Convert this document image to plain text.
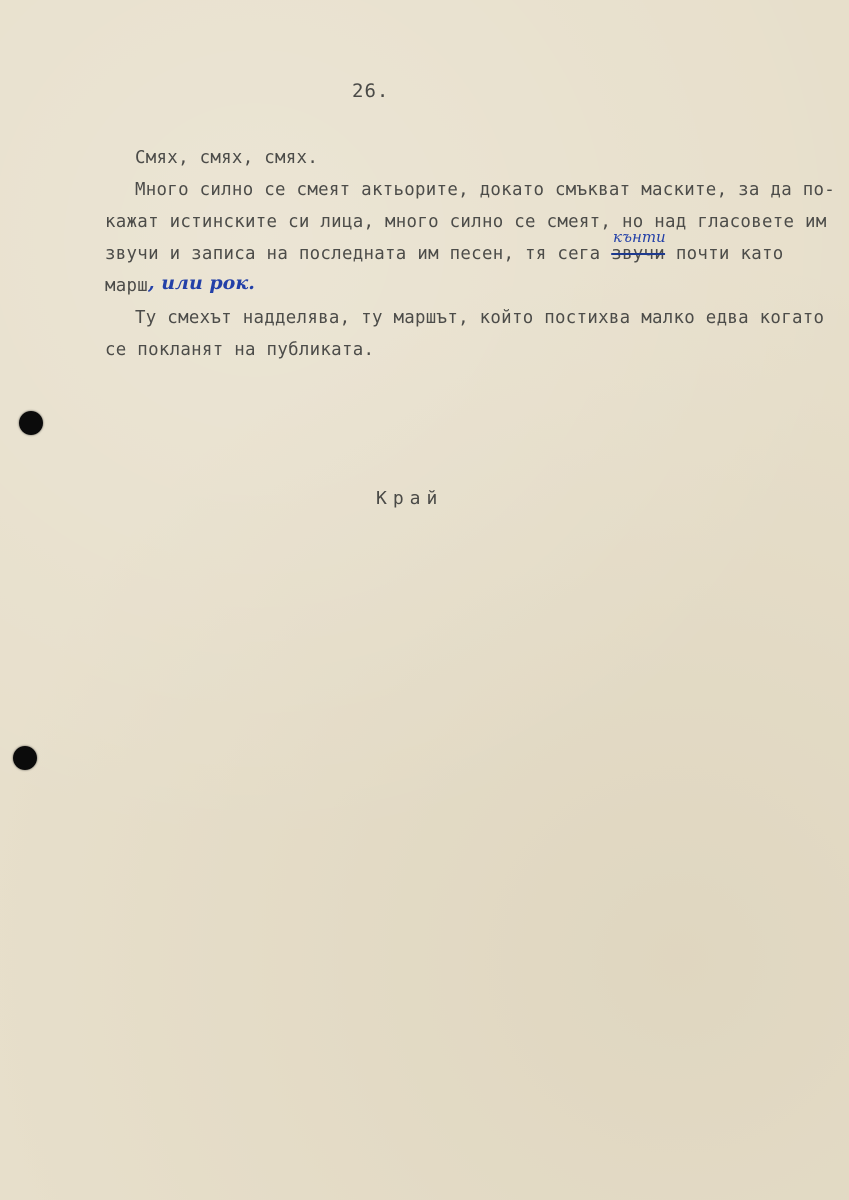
26.
Смях, смях, смях.
Много силно се смеят актьорите, докато смъкват маските, за да по-
кажат истинските си лица, много силно се смеят, но над гласовете им
звучи и записа на последната им песен, тя сега звучи почти като
кънти
марш , или рок.
Ту смехът надделява, ту маршът, който постихва малко едва когато
се покланят на публиката.
Край
